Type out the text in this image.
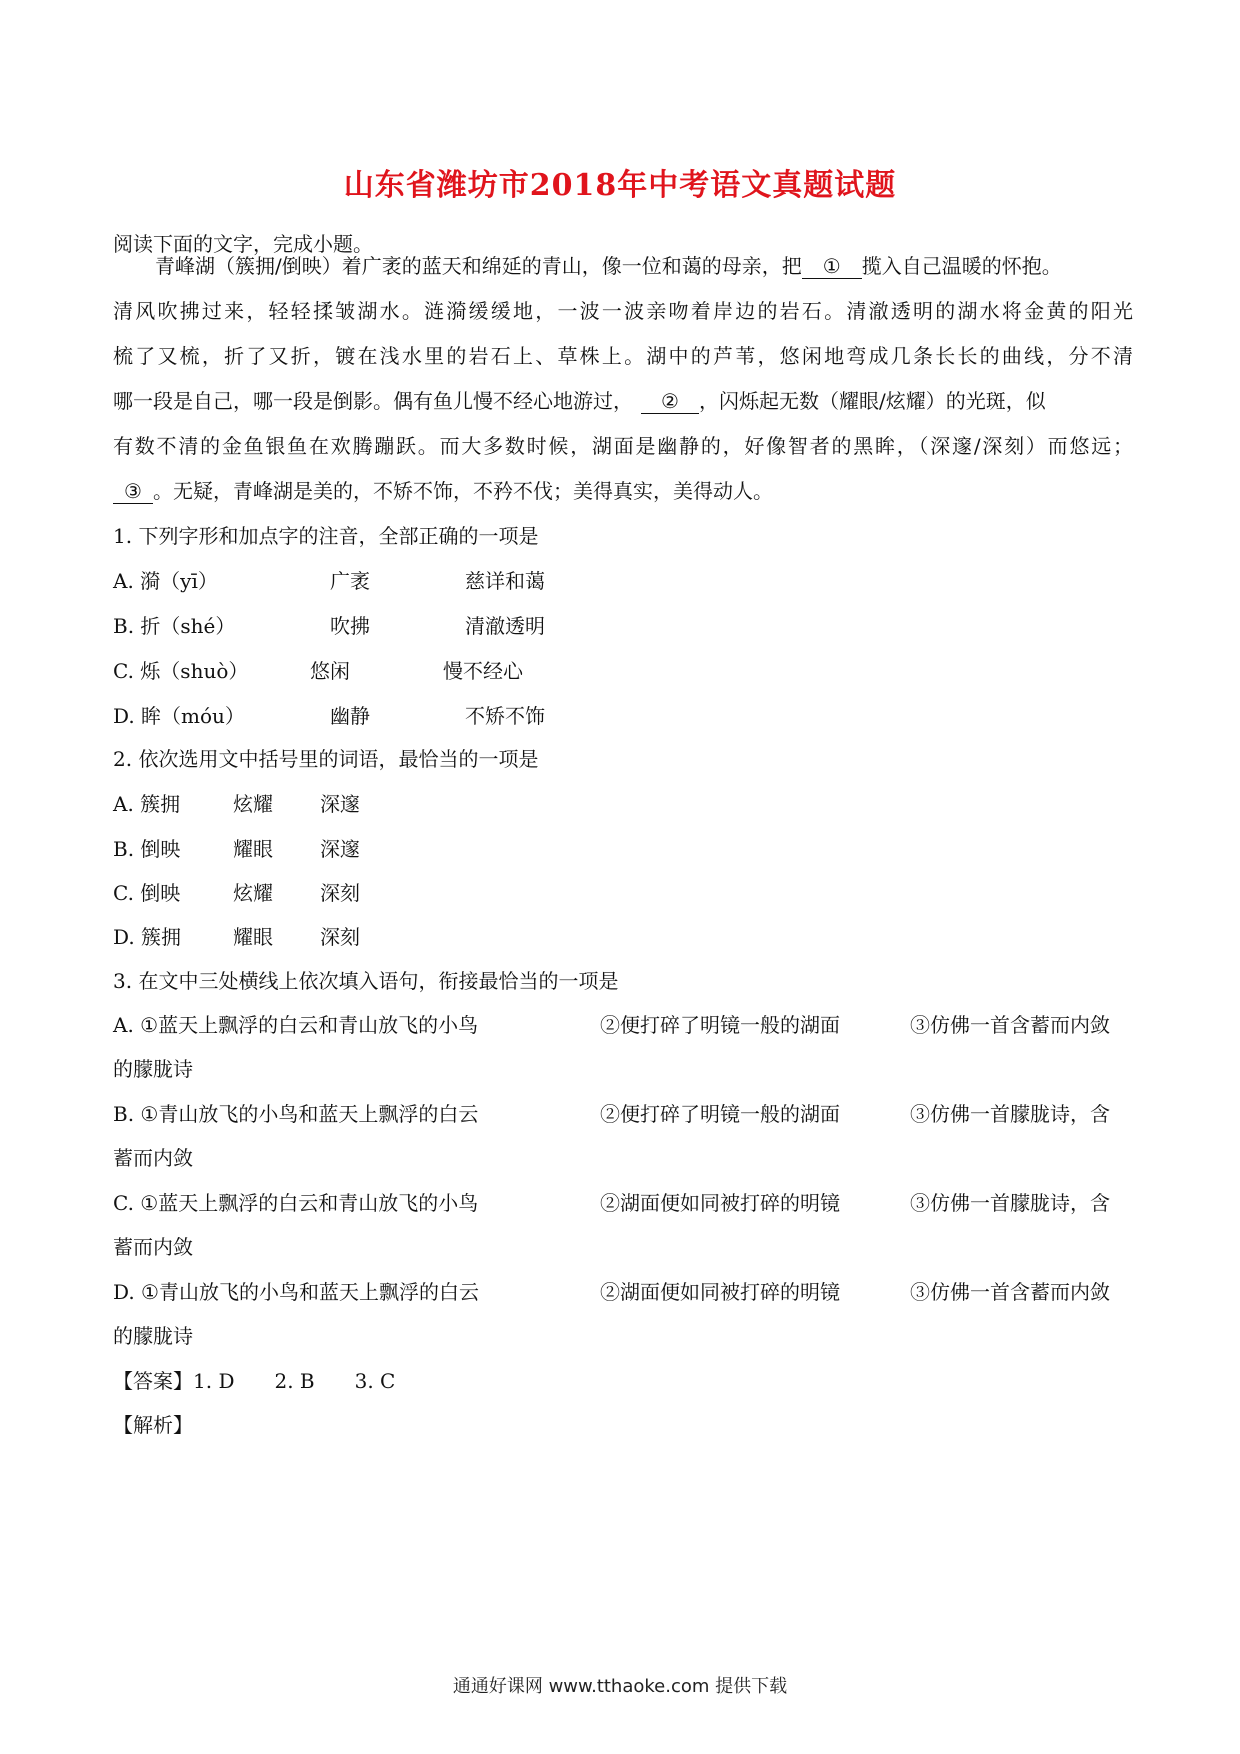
山东省潍坊市2018年中考语文真题试题
阅读下面的文字，完成小题。
青峰湖（簇拥/倒映）着广袤的蓝天和绵延的青山，像一位和蔼的母亲，把 ① 揽入自己温暖的怀抱。
清风吹拂过来，轻轻揉皱湖水。涟漪缓缓地，一波一波亲吻着岸边的岩石。清澈透明的湖水将金黄的阳光
梳了又梳，折了又折，镀在浅水里的岩石上、草株上。湖中的芦苇，悠闲地弯成几条长长的曲线，分不清
哪一段是自己，哪一段是倒影。偶有鱼儿慢不经心地游过， ② ，闪烁起无数（耀眼/炫耀）的光斑，似
有数不清的金鱼银鱼在欢腾蹦跃。而大多数时候，湖面是幽静的，好像智者的黑眸，（深邃/深刻）而悠远；
③ 。无疑，青峰湖是美的，不矫不饰，不矜不伐；美得真实，美得动人。
1. 下列字形和加点字的注音，全部正确的一项是
A. 漪（yī）	广袤	慈详和蔼
B. 折（shé）	吹拂	清澈透明
C. 烁（shuò）	悠闲	慢不经心
D. 眸（móu）	幽静	不矫不饰
2. 依次选用文中括号里的词语，最恰当的一项是
A. 簇拥	炫耀 深邃
B. 倒映	耀眼 深邃
C. 倒映	炫耀 深刻
D. 簇拥	耀眼 深刻
3. 在文中三处横线上依次填入语句，衔接最恰当的一项是
A. ①蓝天上飘浮的白云和青山放飞的小鸟	②便打碎了明镜一般的湖面	③仿佛一首含蓄而内敛
的朦胧诗
B. ①青山放飞的小鸟和蓝天上飘浮的白云	②便打碎了明镜一般的湖面	③仿佛一首朦胧诗，含
蓄而内敛
C. ①蓝天上飘浮的白云和青山放飞的小鸟	②湖面便如同被打碎的明镜	③仿佛一首朦胧诗，含
蓄而内敛
D. ①青山放飞的小鸟和蓝天上飘浮的白云	②湖面便如同被打碎的明镜	③仿佛一首含蓄而内敛
的朦胧诗
【答案】1. D　　2. B　　3. C
【解析】
通通好课网 www.tthaoke.com 提供下载
